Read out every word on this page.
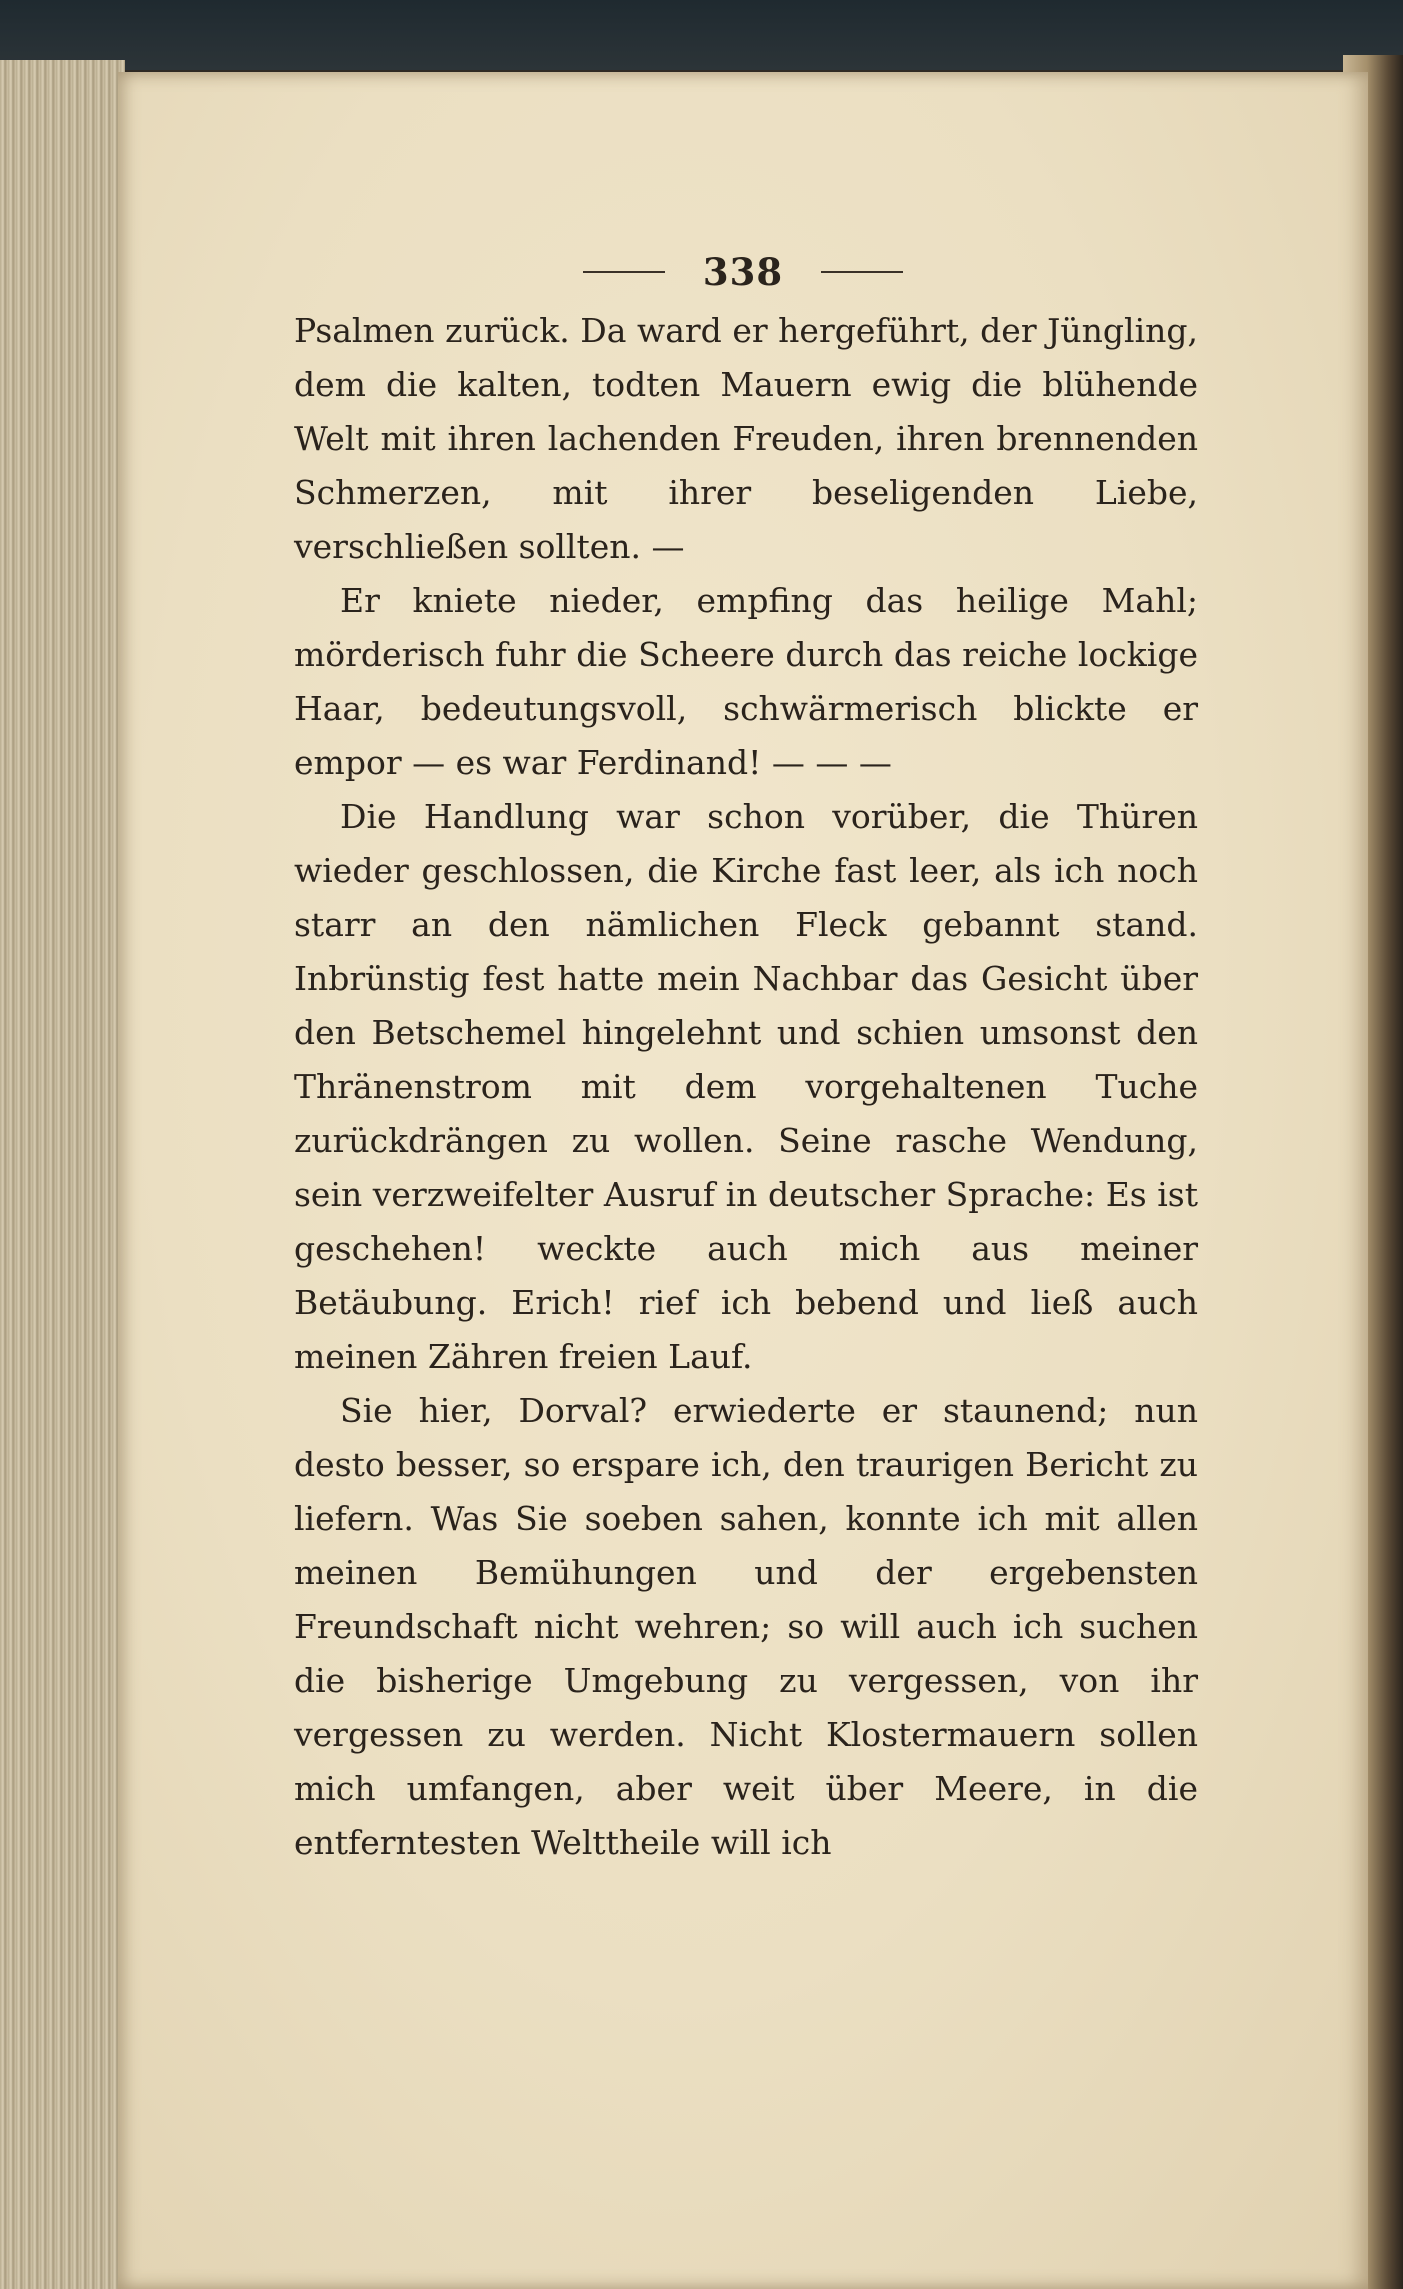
338

Psalmen zurück. Da ward er hergeführt, der Jüngling, dem die kalten, todten Mauern ewig die blühende Welt mit ihren lachenden Freuden, ihren brennenden Schmerzen, mit ihrer beseligenden Liebe, verschließen sollten. —

Er kniete nieder, empfing das heilige Mahl; mörderisch fuhr die Scheere durch das reiche lockige Haar, bedeutungsvoll, schwärmerisch blickte er empor — es war Ferdinand! — — —

Die Handlung war schon vorüber, die Thüren wieder geschlossen, die Kirche fast leer, als ich noch starr an den nämlichen Fleck gebannt stand. Inbrünstig fest hatte mein Nachbar das Gesicht über den Betschemel hingelehnt und schien umsonst den Thränenstrom mit dem vorgehaltenen Tuche zurückdrängen zu wollen. Seine rasche Wendung, sein verzweifelter Ausruf in deutscher Sprache: Es ist geschehen! weckte auch mich aus meiner Betäubung. Erich! rief ich bebend und ließ auch meinen Zähren freien Lauf.

Sie hier, Dorval? erwiederte er staunend; nun desto besser, so erspare ich, den traurigen Bericht zu liefern. Was Sie soeben sahen, konnte ich mit allen meinen Bemühungen und der ergebensten Freundschaft nicht wehren; so will auch ich suchen die bisherige Umgebung zu vergessen, von ihr vergessen zu werden. Nicht Klostermauern sollen mich umfangen, aber weit über Meere, in die entferntesten Welttheile will ich
